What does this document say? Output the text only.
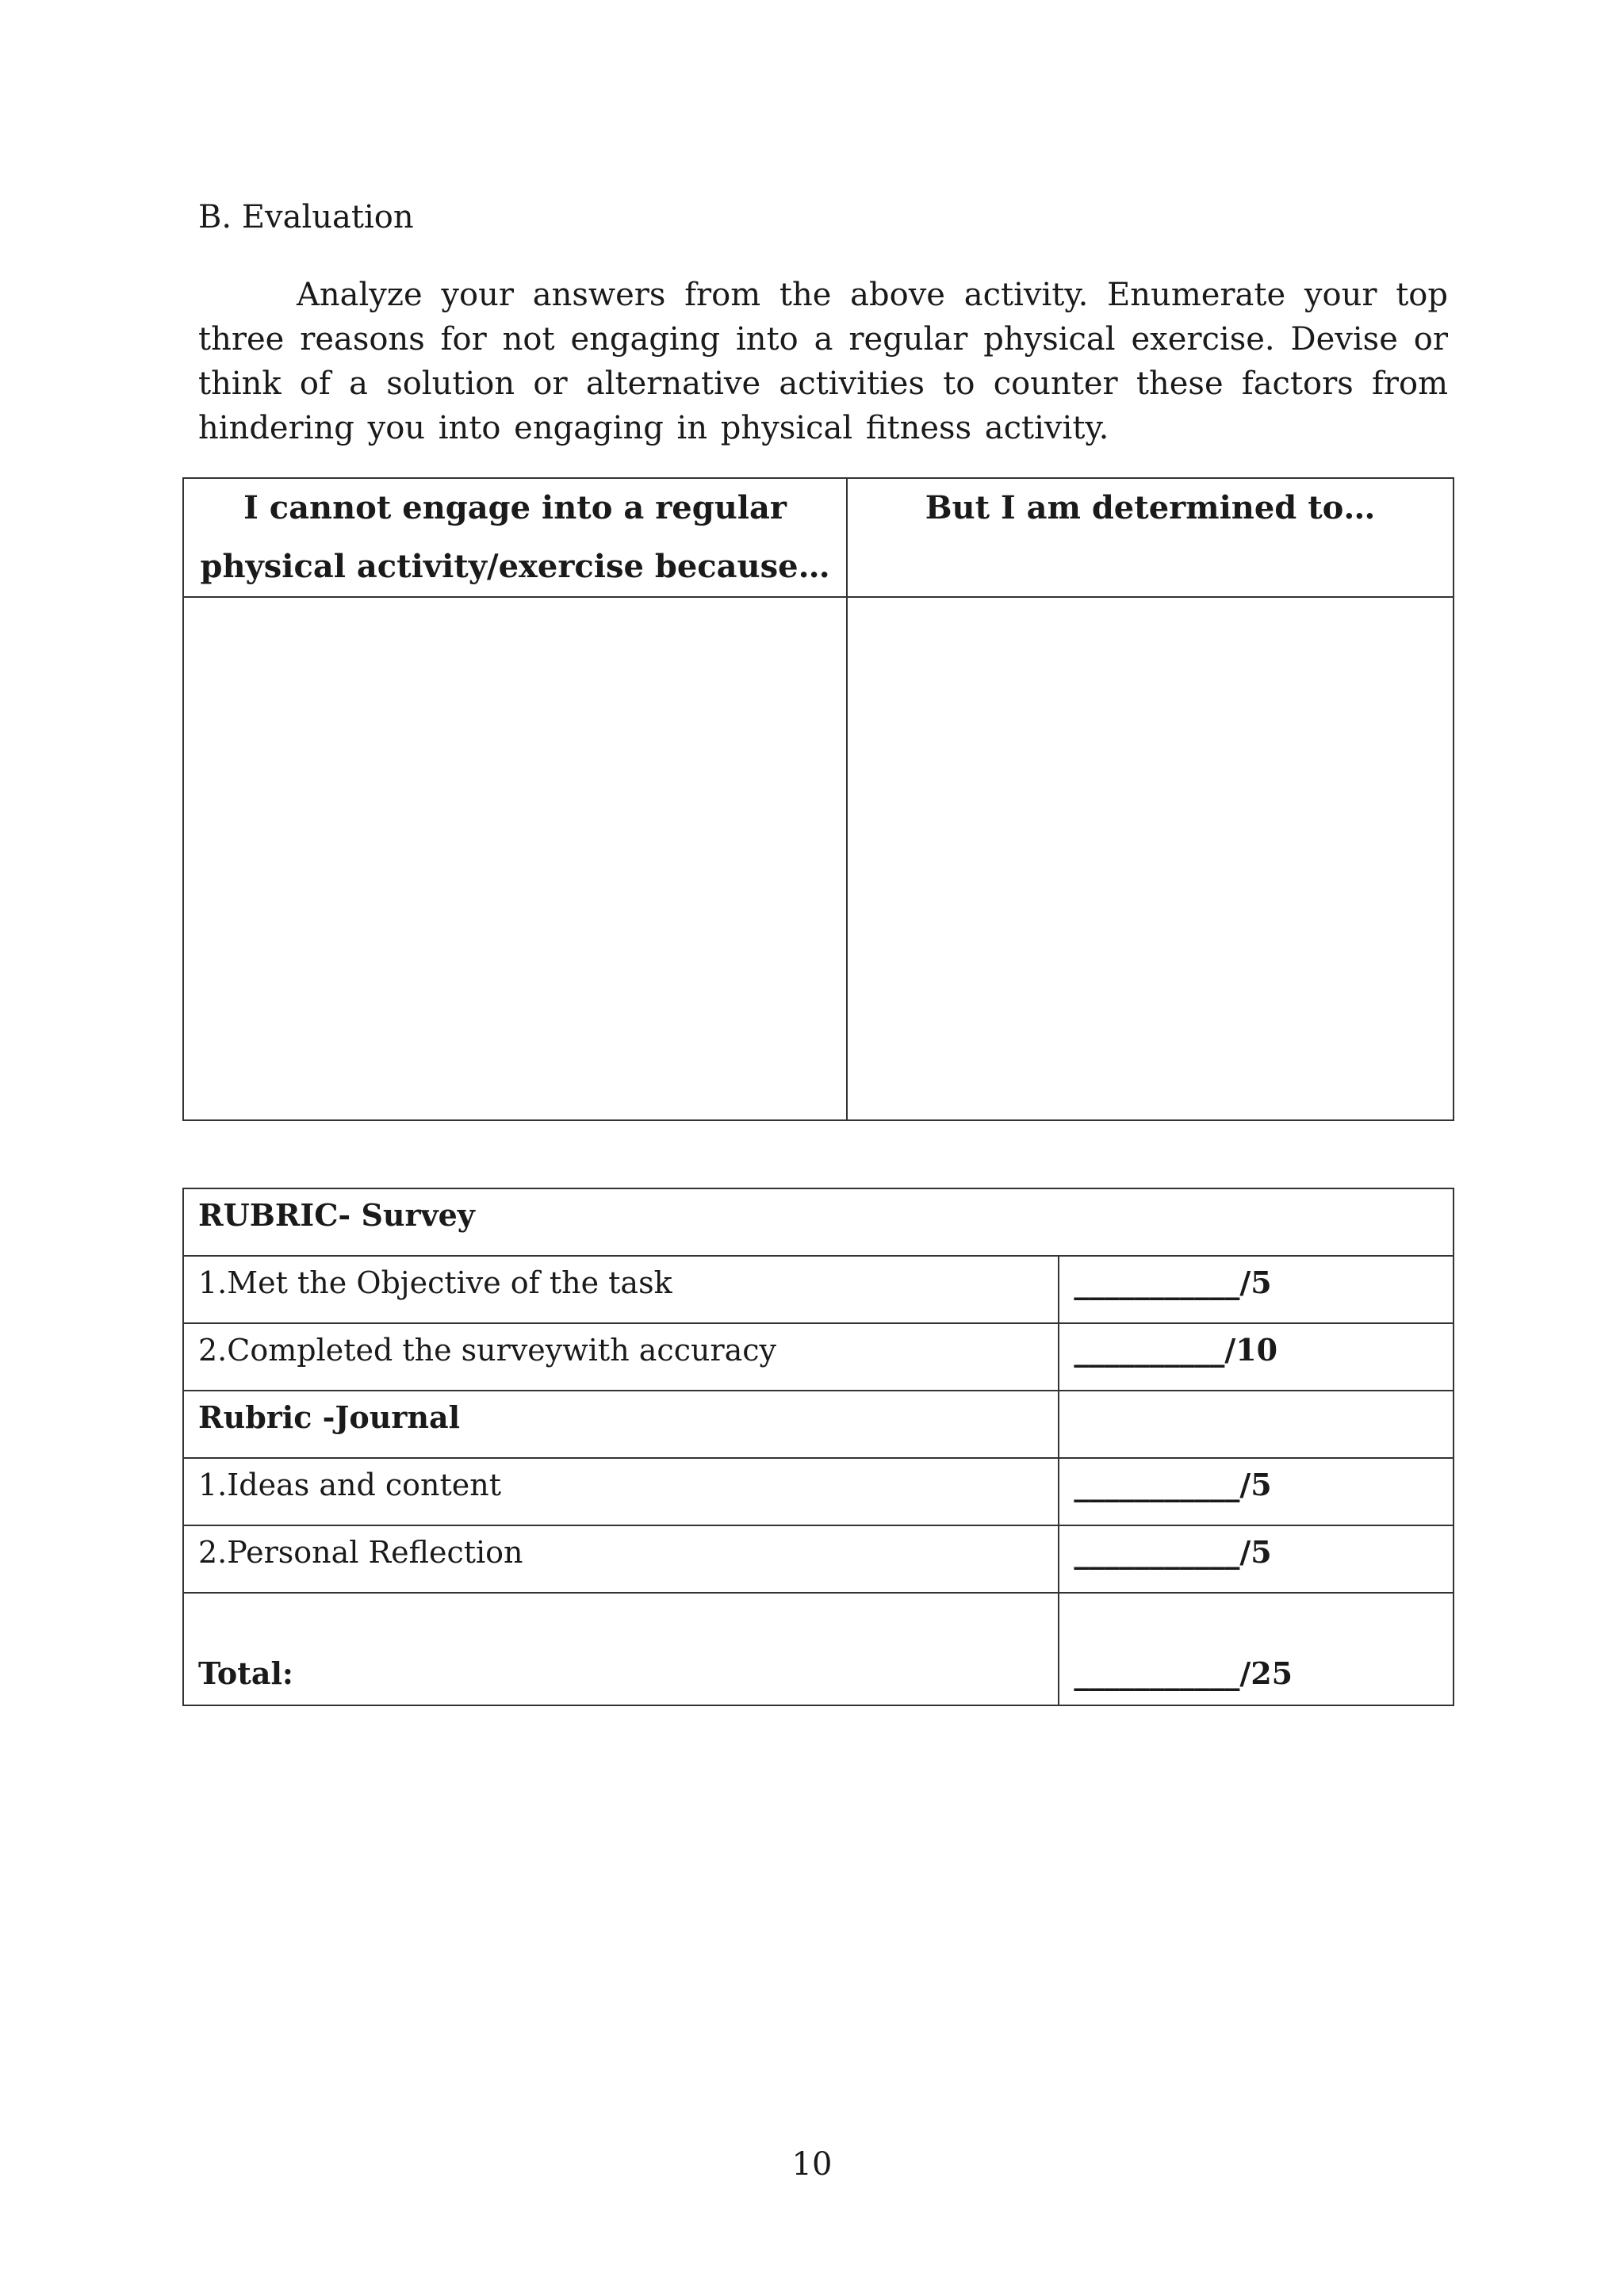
B. Evaluation

Analyze your answers from the above activity. Enumerate your top three reasons for not engaging into a regular physical exercise. Devise or think of a solution or alternative activities to counter these factors from hindering you into engaging in physical fitness activity.

I cannot engage into a regular
physical activity/exercise because…	But I am determined to…

RUBRIC- Survey	
1.Met the Objective of the task	___________/5
2.Completed the surveywith accuracy	__________/10
Rubric -Journal	
1.Ideas and content	___________/5
2.Personal Reflection	___________/5
Total:	___________/25
10
